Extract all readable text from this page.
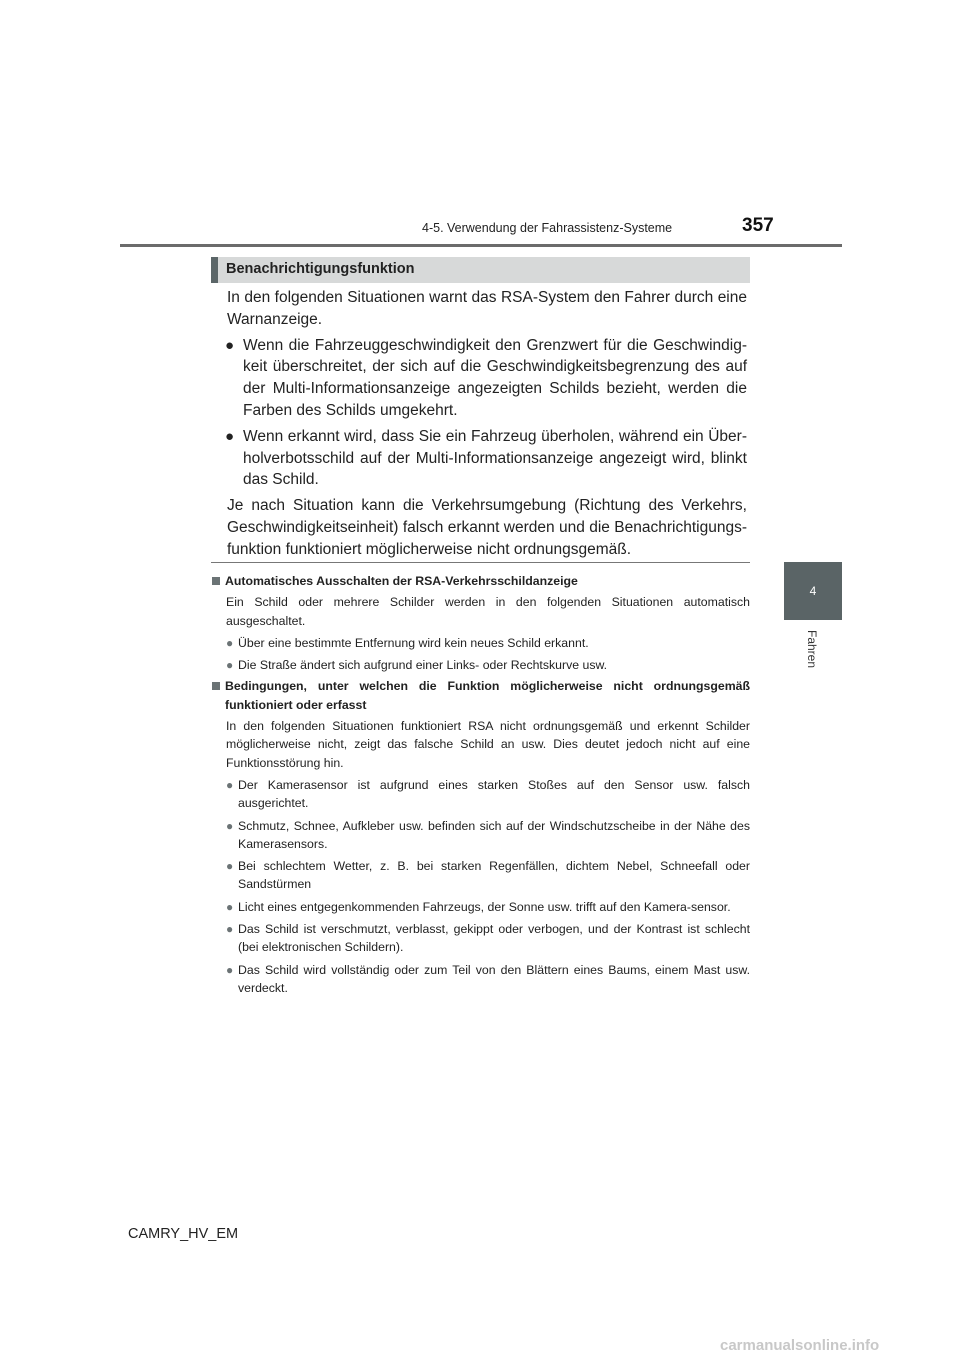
4-5. Verwendung der Fahrassistenz-Systeme	357
4
Fahren
Benachrichtigungsfunktion

In den folgenden Situationen warnt das RSA-System den Fahrer durch eine Warnanzeige.

● Wenn die Fahrzeuggeschwindigkeit den Grenzwert für die Geschwindig-keit überschreitet, der sich auf die Geschwindigkeitsbegrenzung des auf der Multi-Informationsanzeige angezeigten Schilds bezieht, werden die Farben des Schilds umgekehrt.
● Wenn erkannt wird, dass Sie ein Fahrzeug überholen, während ein Über-holverbotsschild auf der Multi-Informationsanzeige angezeigt wird, blinkt das Schild.

Je nach Situation kann die Verkehrsumgebung (Richtung des Verkehrs, Geschwindigkeitseinheit) falsch erkannt werden und die Benachrichtigungs-funktion funktioniert möglicherweise nicht ordnungsgemäß.

Automatisches Ausschalten der RSA-Verkehrsschildanzeige
Ein Schild oder mehrere Schilder werden in den folgenden Situationen automatisch ausgeschaltet.
● Über eine bestimmte Entfernung wird kein neues Schild erkannt.
● Die Straße ändert sich aufgrund einer Links- oder Rechtskurve usw.
Bedingungen, unter welchen die Funktion möglicherweise nicht ordnungsgemäß funktioniert oder erfasst
In den folgenden Situationen funktioniert RSA nicht ordnungsgemäß und erkennt Schilder möglicherweise nicht, zeigt das falsche Schild an usw. Dies deutet jedoch nicht auf eine Funktionsstörung hin.
● Der Kamerasensor ist aufgrund eines starken Stoßes auf den Sensor usw. falsch ausgerichtet.
● Schmutz, Schnee, Aufkleber usw. befinden sich auf der Windschutzscheibe in der Nähe des Kamerasensors.
● Bei schlechtem Wetter, z. B. bei starken Regenfällen, dichtem Nebel, Schneefall oder Sandstürmen
● Licht eines entgegenkommenden Fahrzeugs, der Sonne usw. trifft auf den Kamera-sensor.
● Das Schild ist verschmutzt, verblasst, gekippt oder verbogen, und der Kontrast ist schlecht (bei elektronischen Schildern).
● Das Schild wird vollständig oder zum Teil von den Blättern eines Baums, einem Mast usw. verdeckt.
CAMRY_HV_EM
carmanualsonline.info
